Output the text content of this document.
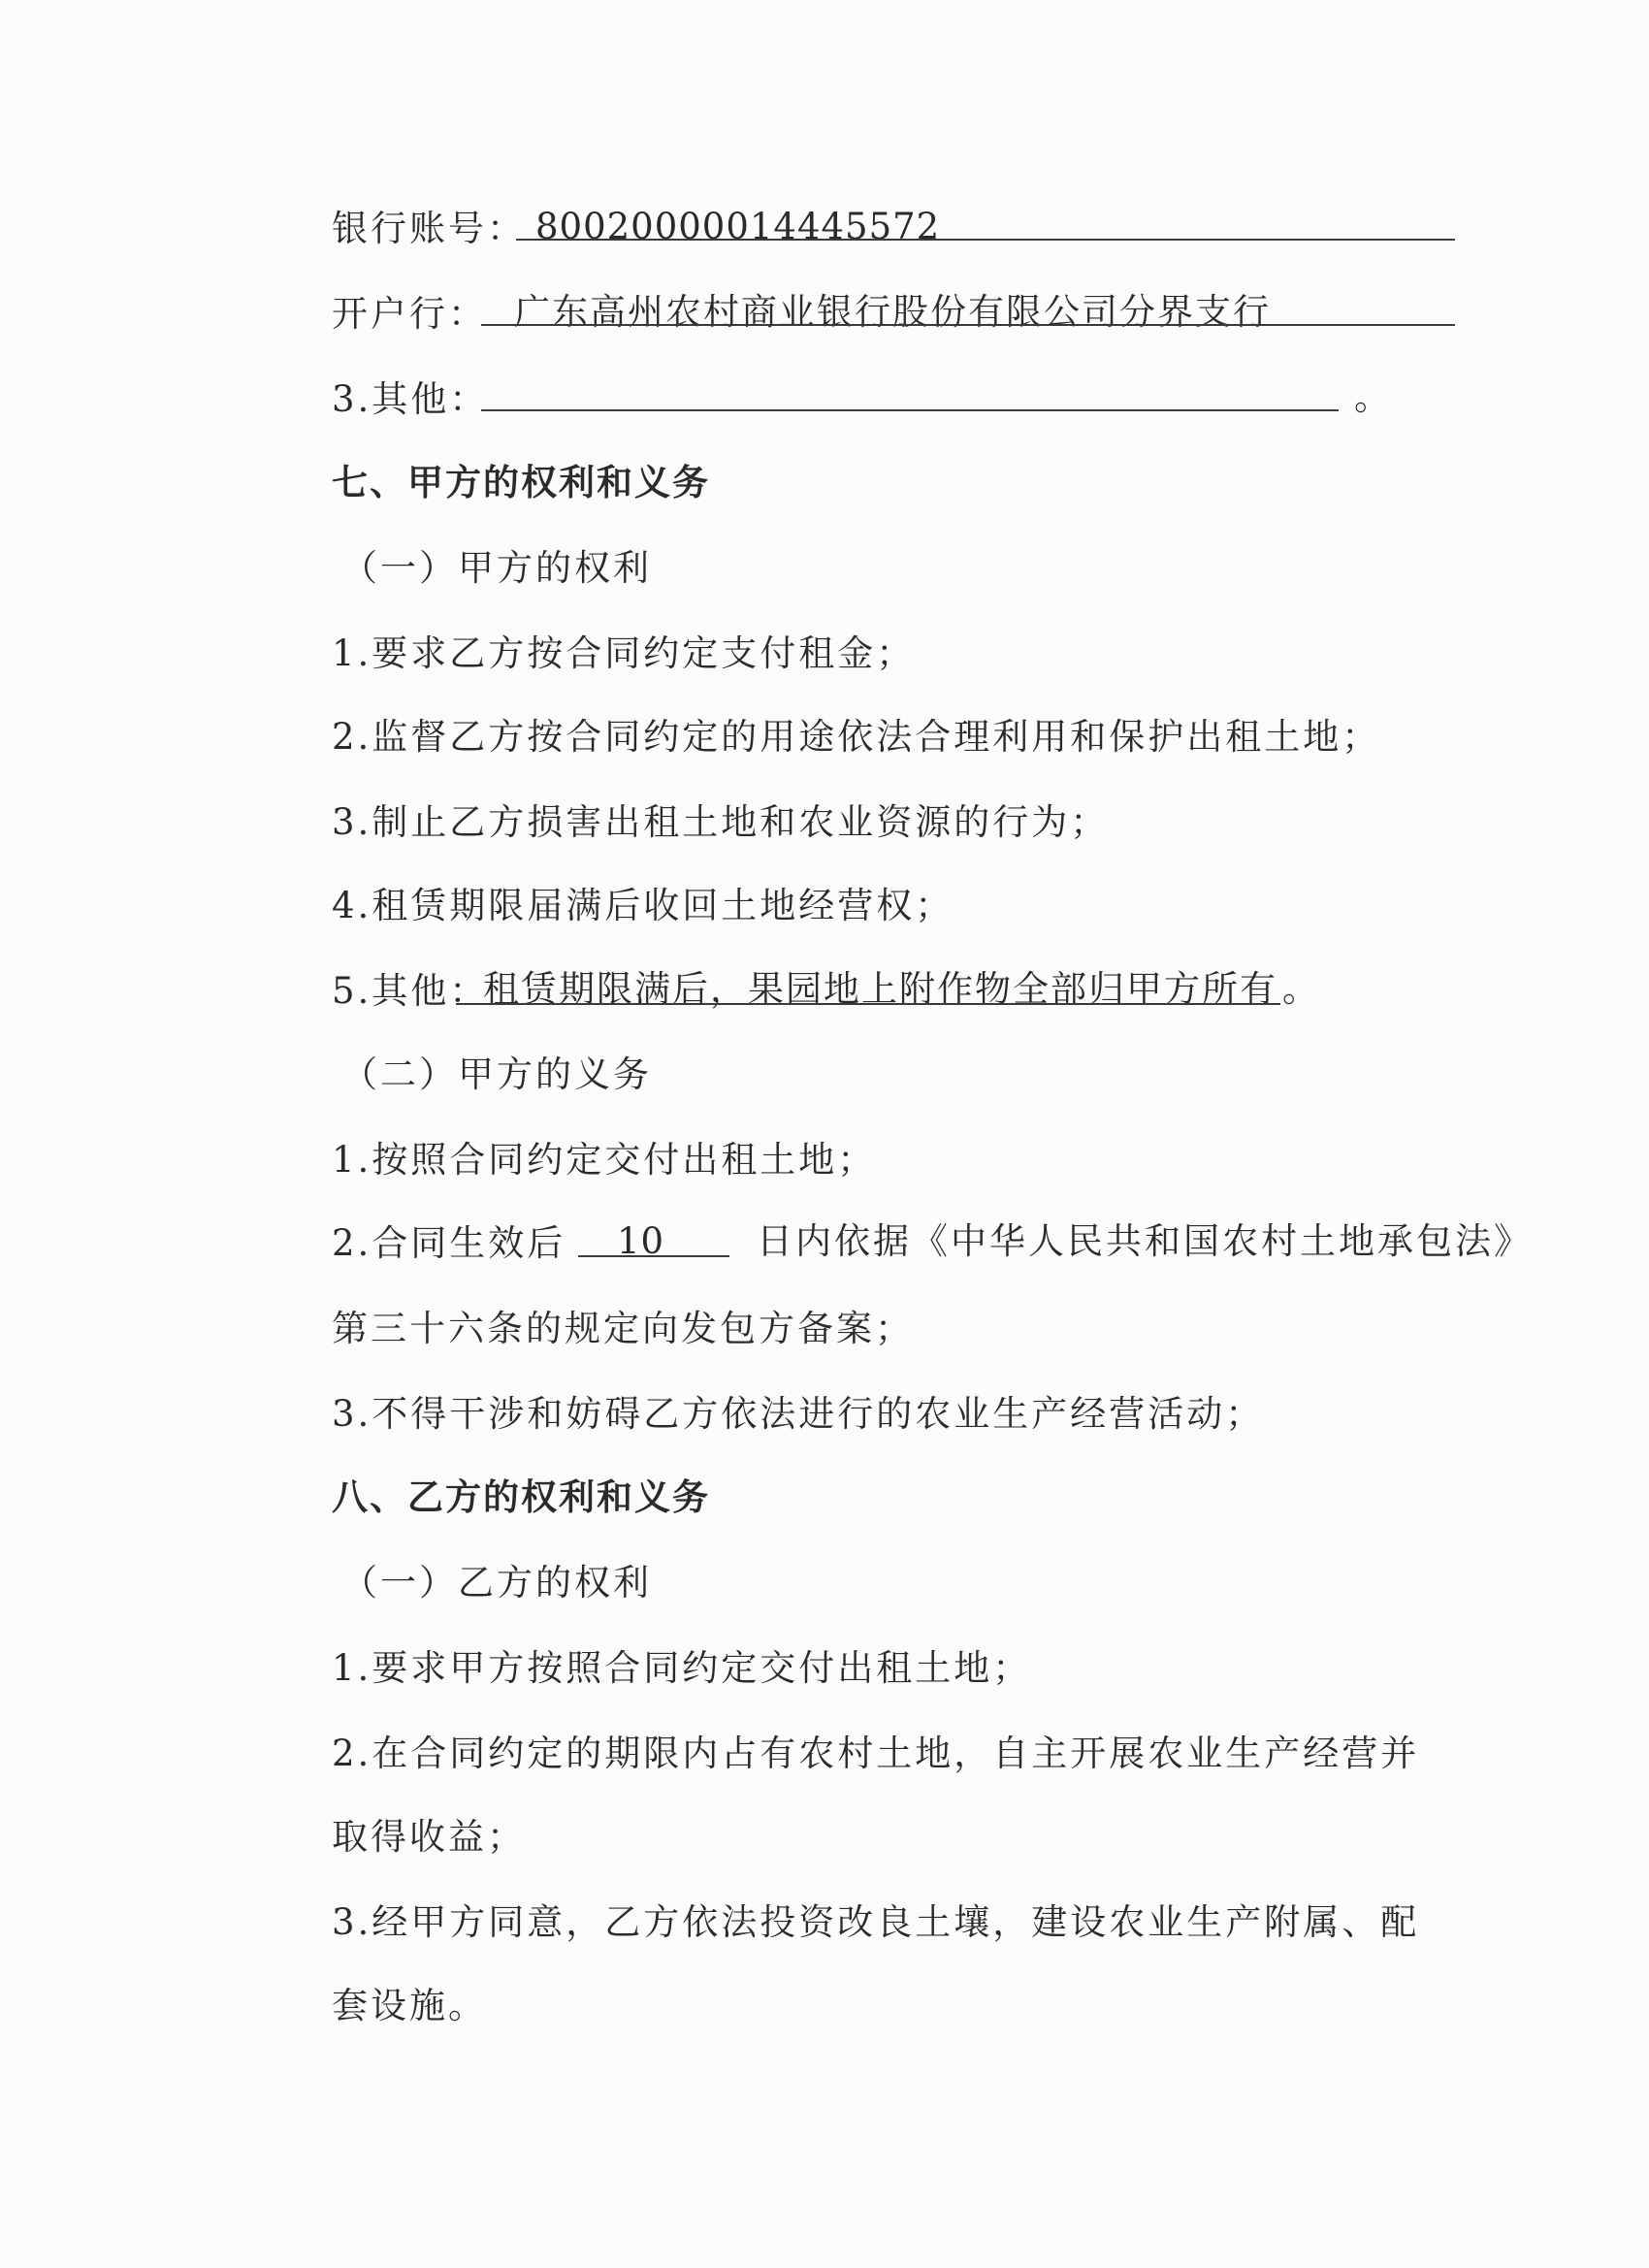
银行账号： 80020000014445572
开户行： 广东高州农村商业银行股份有限公司分界支行
3.其他：	。
七、甲方的权利和义务
（一）甲方的权利
1.要求乙方按合同约定支付租金；
2.监督乙方按合同约定的用途依法合理利用和保护出租土地；
3.制止乙方损害出租土地和农业资源的行为；
4.租赁期限届满后收回土地经营权；
5.其他：
租赁期限满后，果园地上附作物全部归甲方所有 。
（二）甲方的义务
1.按照合同约定交付出租土地；
2.合同生效后 10	日内依据《中华人民共和国农村土地承包法》
第三十六条的规定向发包方备案；
3.不得干涉和妨碍乙方依法进行的农业生产经营活动；
八、乙方的权利和义务
（一）乙方的权利
1.要求甲方按照合同约定交付出租土地；
2.在合同约定的期限内占有农村土地，自主开展农业生产经营并
取得收益；
3.经甲方同意，乙方依法投资改良土壤，建设农业生产附属、配
套设施。
